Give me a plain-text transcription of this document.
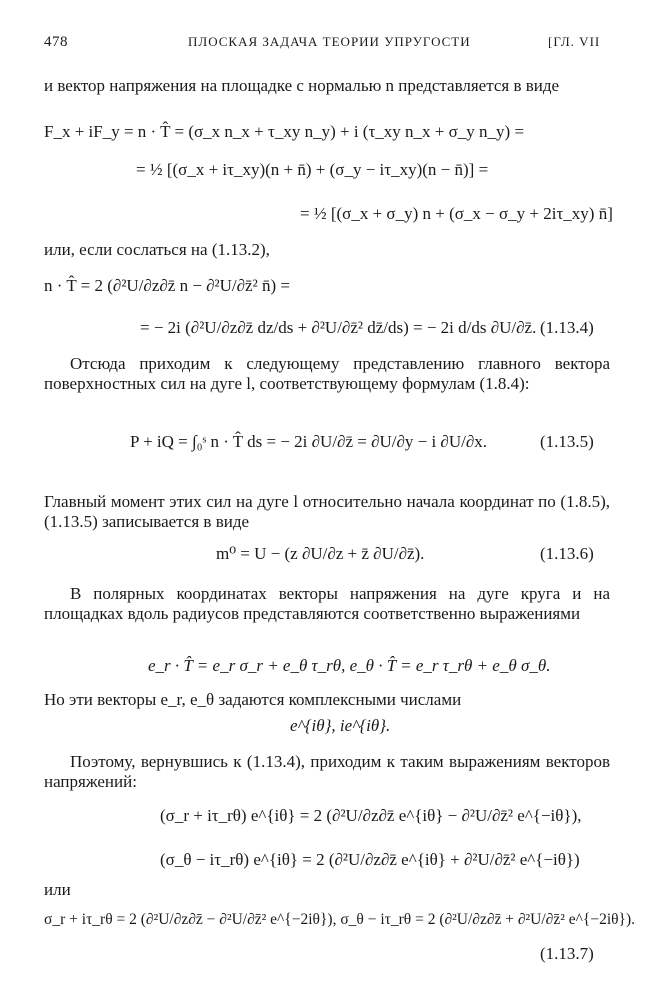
478	ПЛОСКАЯ ЗАДАЧА ТЕОРИИ УПРУГОСТИ	[ГЛ. VII
и вектор напряжения на площадке с нормалью n представляется в виде
F_x + iF_y = n · T̂ = (σ_x n_x + τ_xy n_y) + i (τ_xy n_x + σ_y n_y) =
= ½ [(σ_x + iτ_xy)(n + n̄) + (σ_y − iτ_xy)(n − n̄)] =
= ½ [(σ_x + σ_y) n + (σ_x − σ_y + 2iτ_xy) n̄]
или, если сослаться на (1.13.2),
n · T̂ = 2 (∂²U/∂z∂z̄ n − ∂²U/∂z̄² n̄) =
= − 2i (∂²U/∂z∂z̄ dz/ds + ∂²U/∂z̄² dz̄/ds) = − 2i d/ds ∂U/∂z̄. (1.13.4)
Отсюда приходим к следующему представлению главного вектора поверхностных сил на дуге l, соответствующему формулам (1.8.4):
P + iQ = ∫₀ˢ n · T̂ ds = − 2i ∂U/∂z̄ = ∂U/∂y − i ∂U/∂x.	(1.13.5)
Главный момент этих сил на дуге l относительно начала координат по (1.8.5), (1.13.5) записывается в виде
m⁰ = U − (z ∂U/∂z + z̄ ∂U/∂z̄).	(1.13.6)
В полярных координатах векторы напряжения на дуге круга и на площадках вдоль радиусов представляются соответственно выражениями
e_r · T̂ = e_r σ_r + e_θ τ_rθ, e_θ · T̂ = e_r τ_rθ + e_θ σ_θ.
Но эти векторы e_r, e_θ задаются комплексными числами
e^{iθ}, ie^{iθ}.
Поэтому, вернувшись к (1.13.4), приходим к таким выражениям векторов напряжений:
(σ_r + iτ_rθ) e^{iθ} = 2 (∂²U/∂z∂z̄ e^{iθ} − ∂²U/∂z̄² e^{−iθ}),
(σ_θ − iτ_rθ) e^{iθ} = 2 (∂²U/∂z∂z̄ e^{iθ} + ∂²U/∂z̄² e^{−iθ})
или
σ_r + iτ_rθ = 2 (∂²U/∂z∂z̄ − ∂²U/∂z̄² e^{−2iθ}), σ_θ − iτ_rθ = 2 (∂²U/∂z∂z̄ + ∂²U/∂z̄² e^{−2iθ}).
(1.13.7)
